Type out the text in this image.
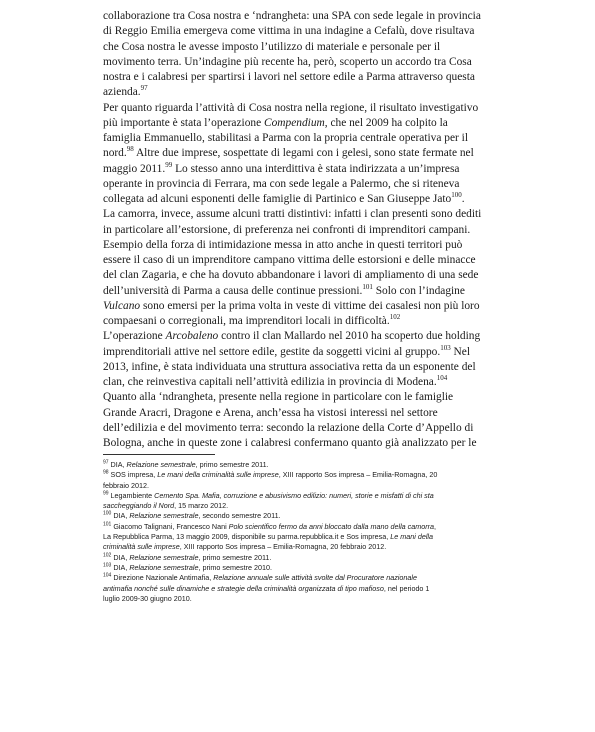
collaborazione tra Cosa nostra e ‘ndrangheta: una SPA con sede legale in provincia
di Reggio Emilia emergeva come vittima in una indagine a Cefalù, dove risultava
che Cosa nostra le avesse imposto l’utilizzo di materiale e personale per il
movimento terra. Un’indagine più recente ha, però, scoperto un accordo tra Cosa
nostra e i calabresi per spartirsi i lavori nel settore edile a Parma attraverso questa
azienda.$^{97}$
Per quanto riguarda l’attività di Cosa nostra nella regione, il risultato investigativo
più importante è stata l’operazione Compendium, che nel 2009 ha colpito la
famiglia Emmanuello, stabilitasi a Parma con la propria centrale operativa per il
nord.$^{98}$ Altre due imprese, sospettate di legami con i gelesi, sono state fermate nel
maggio 2011.99 Lo stesso anno una interdittiva è stata indirizzata a un’impresa
operante in provincia di Ferrara, ma con sede legale a Palermo, che si riteneva
collegata ad alcuni esponenti delle famiglie di Partinico e San Giuseppe Jato$^{100}$.
La camorra, invece, assume alcuni tratti distintivi: infatti i clan presenti sono dediti
in particolare all’estorsione, di preferenza nei confronti di imprenditori campani.
Esempio della forza di intimidazione messa in atto anche in questi territori può
essere il caso di un imprenditore campano vittima delle estorsioni e delle minacce
del clan Zagaria, e che ha dovuto abbandonare i lavori di ampliamento di una sede
dell’università di Parma a causa delle continue pressioni.$^{101}$ Solo con l’indagine
Vulcano sono emersi per la prima volta in veste di vittime dei casalesi non più loro
compaesani o corregionali, ma imprenditori locali in difficoltà.$^{102}$
L’operazione Arcobaleno contro il clan Mallardo nel 2010 ha scoperto due holding
imprenditoriali attive nel settore edile, gestite da soggetti vicini al gruppo.$^{103}$ Nel
2013, infine, è stata individuata una struttura associativa retta da un esponente del
clan, che reinvestiva capitali nell’attività edilizia in provincia di Modena.$^{104}$
Quanto alla ‘ndrangheta, presente nella regione in particolare con le famiglie
Grande Aracri, Dragone e Arena, anch’essa ha vistosi interessi nel settore
dell’edilizia e del movimento terra: secondo la relazione della Corte d’Appello di
Bologna, anche in queste zone i calabresi confermano quanto già analizzato per le
$^{97}$ DIA, Relazione semestrale, primo semestre 2011.
$^{98}$ SOS impresa, Le mani della criminalità sulle imprese, XIII rapporto Sos impresa – Emilia-Romagna, 20
febbraio 2012.
$^{99}$ Legambiente Cemento Spa. Mafia, corruzione e abusivismo edilizio: numeri, storie e misfatti di chi sta
saccheggiando il Nord, 15 marzo 2012.
$^{100}$ DIA, Relazione semestrale, secondo semestre 2011.
$^{101}$ Giacomo Talignani, Francesco Nani Polo scientifico fermo da anni bloccato dalla mano della camorra,
La Repubblica Parma, 13 maggio 2009, disponibile su parma.repubblica.it e Sos impresa, Le mani della
criminalità sulle imprese, XIII rapporto Sos impresa – Emilia-Romagna, 20 febbraio 2012.
$^{102}$ DIA, Relazione semestrale, primo semestre 2011.
$^{103}$ DIA, Relazione semestrale, primo semestre 2010.
$^{104}$ Direzione Nazionale Antimafia, Relazione annuale sulle attività svolte dal Procuratore nazionale
antimafia nonché sulle dinamiche e strategie della criminalità organizzata di tipo mafioso, nel periodo 1
luglio 2009-30 giugno 2010.
